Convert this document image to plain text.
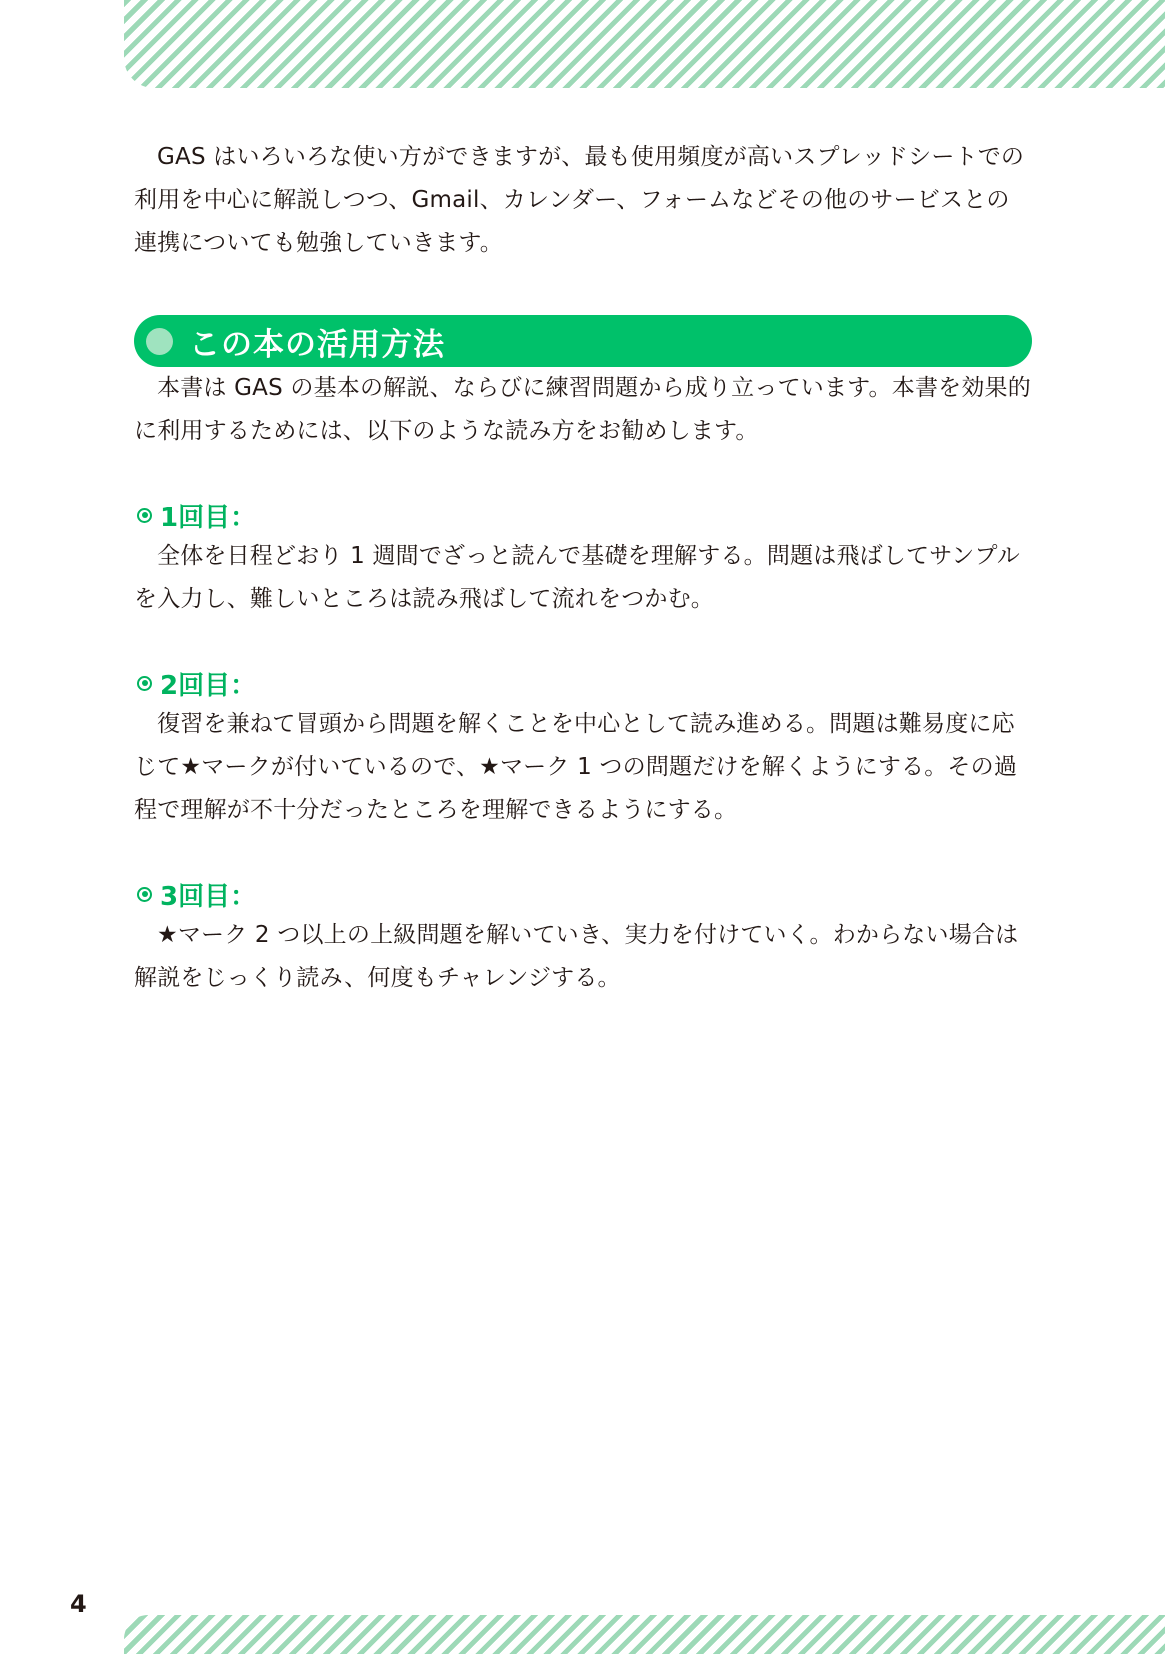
GAS はいろいろな使い方ができますが、最も使用頻度が高いスプレッドシートでの利用を中心に解説しつつ、Gmail、カレンダー、フォームなどその他のサービスとの連携についても勉強していきます。

この本の活用方法

本書は GAS の基本の解説、ならびに練習問題から成り立っています。本書を効果的に利用するためには、以下のような読み方をお勧めします。

1回目：

全体を日程どおり 1 週間でざっと読んで基礎を理解する。問題は飛ばしてサンプルを入力し、難しいところは読み飛ばして流れをつかむ。

2回目：

復習を兼ねて冒頭から問題を解くことを中心として読み進める。問題は難易度に応じて★マークが付いているので、★マーク 1 つの問題だけを解くようにする。その過程で理解が不十分だったところを理解できるようにする。

3回目：

★マーク 2 つ以上の上級問題を解いていき、実力を付けていく。わからない場合は解説をじっくり読み、何度もチャレンジする。

4
